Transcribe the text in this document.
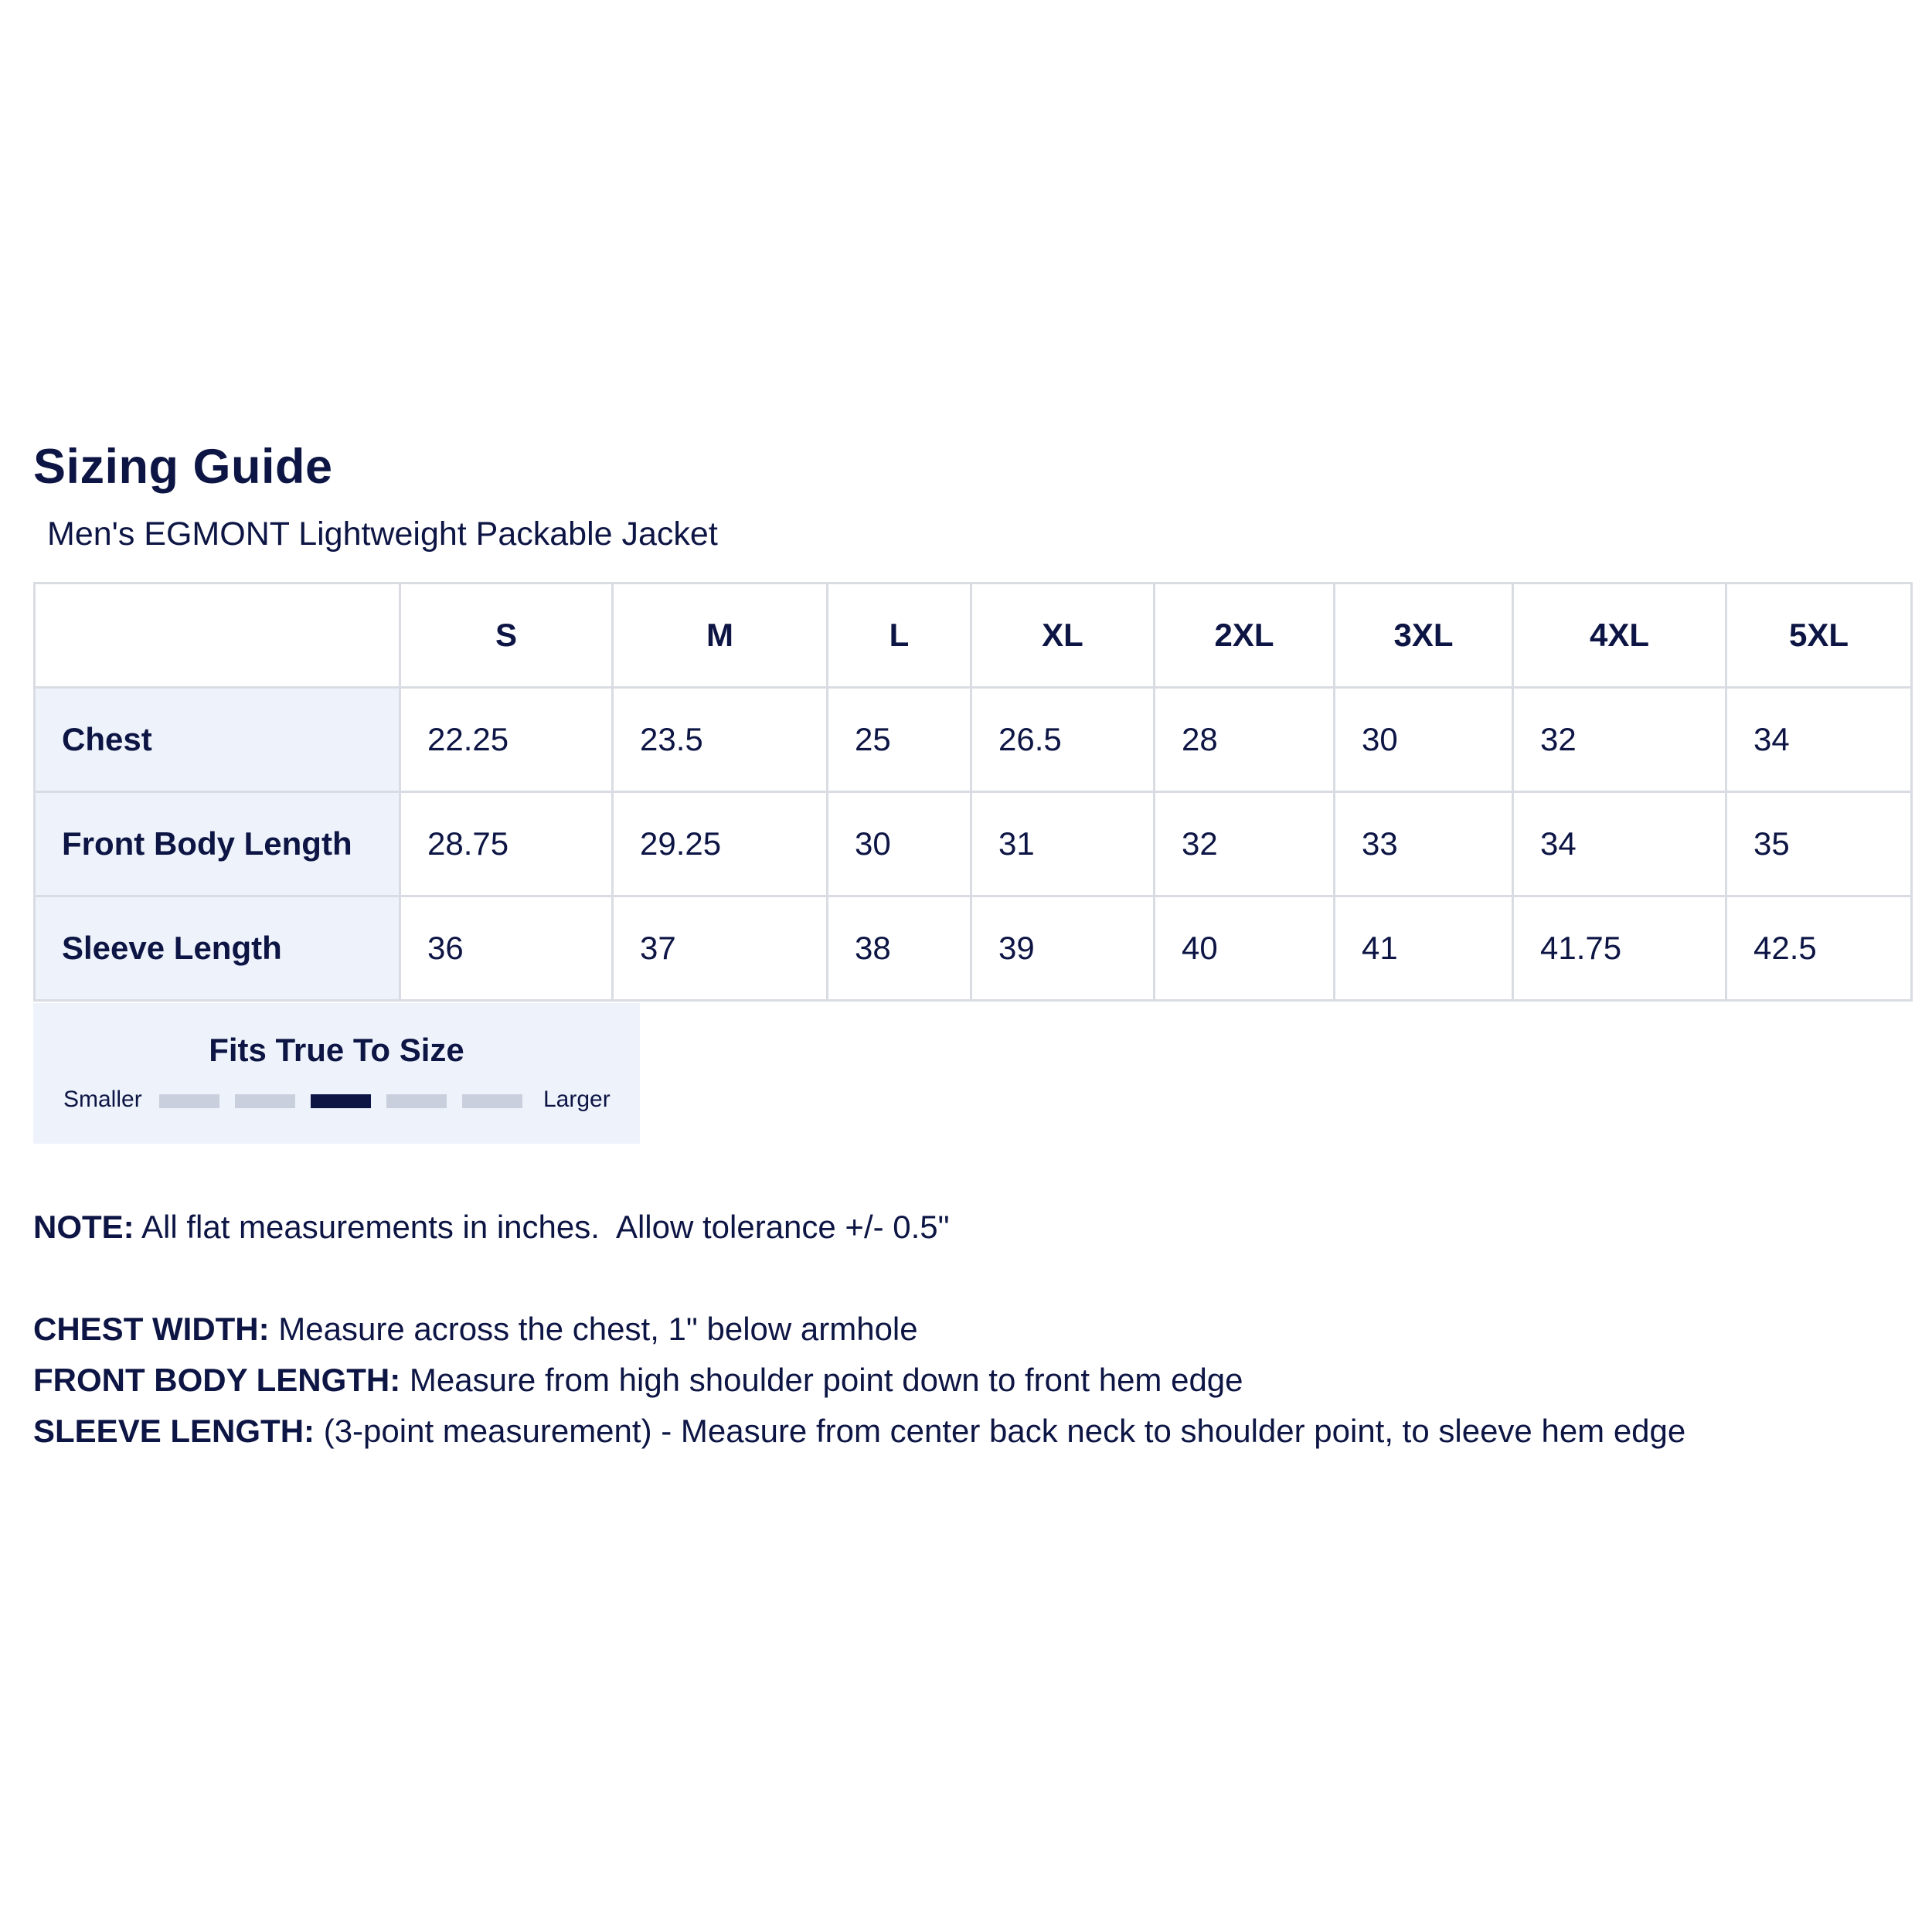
Sizing Guide
Men's EGMONT Lightweight Packable Jacket
	S	M	L	XL	2XL	3XL	4XL	5XL
Chest	22.25	23.5	25	26.5	28	30	32	34
Front Body Length	28.75	29.25	30	31	32	33	34	35
Sleeve Length	36	37	38	39	40	41	41.75	42.5
Fits True To Size
Smaller	Larger
NOTE: All flat measurements in inches.  Allow tolerance +/- 0.5"
CHEST WIDTH: Measure across the chest, 1" below armhole
FRONT BODY LENGTH: Measure from high shoulder point down to front hem edge
SLEEVE LENGTH: (3-point measurement) - Measure from center back neck to shoulder point, to sleeve hem edge
